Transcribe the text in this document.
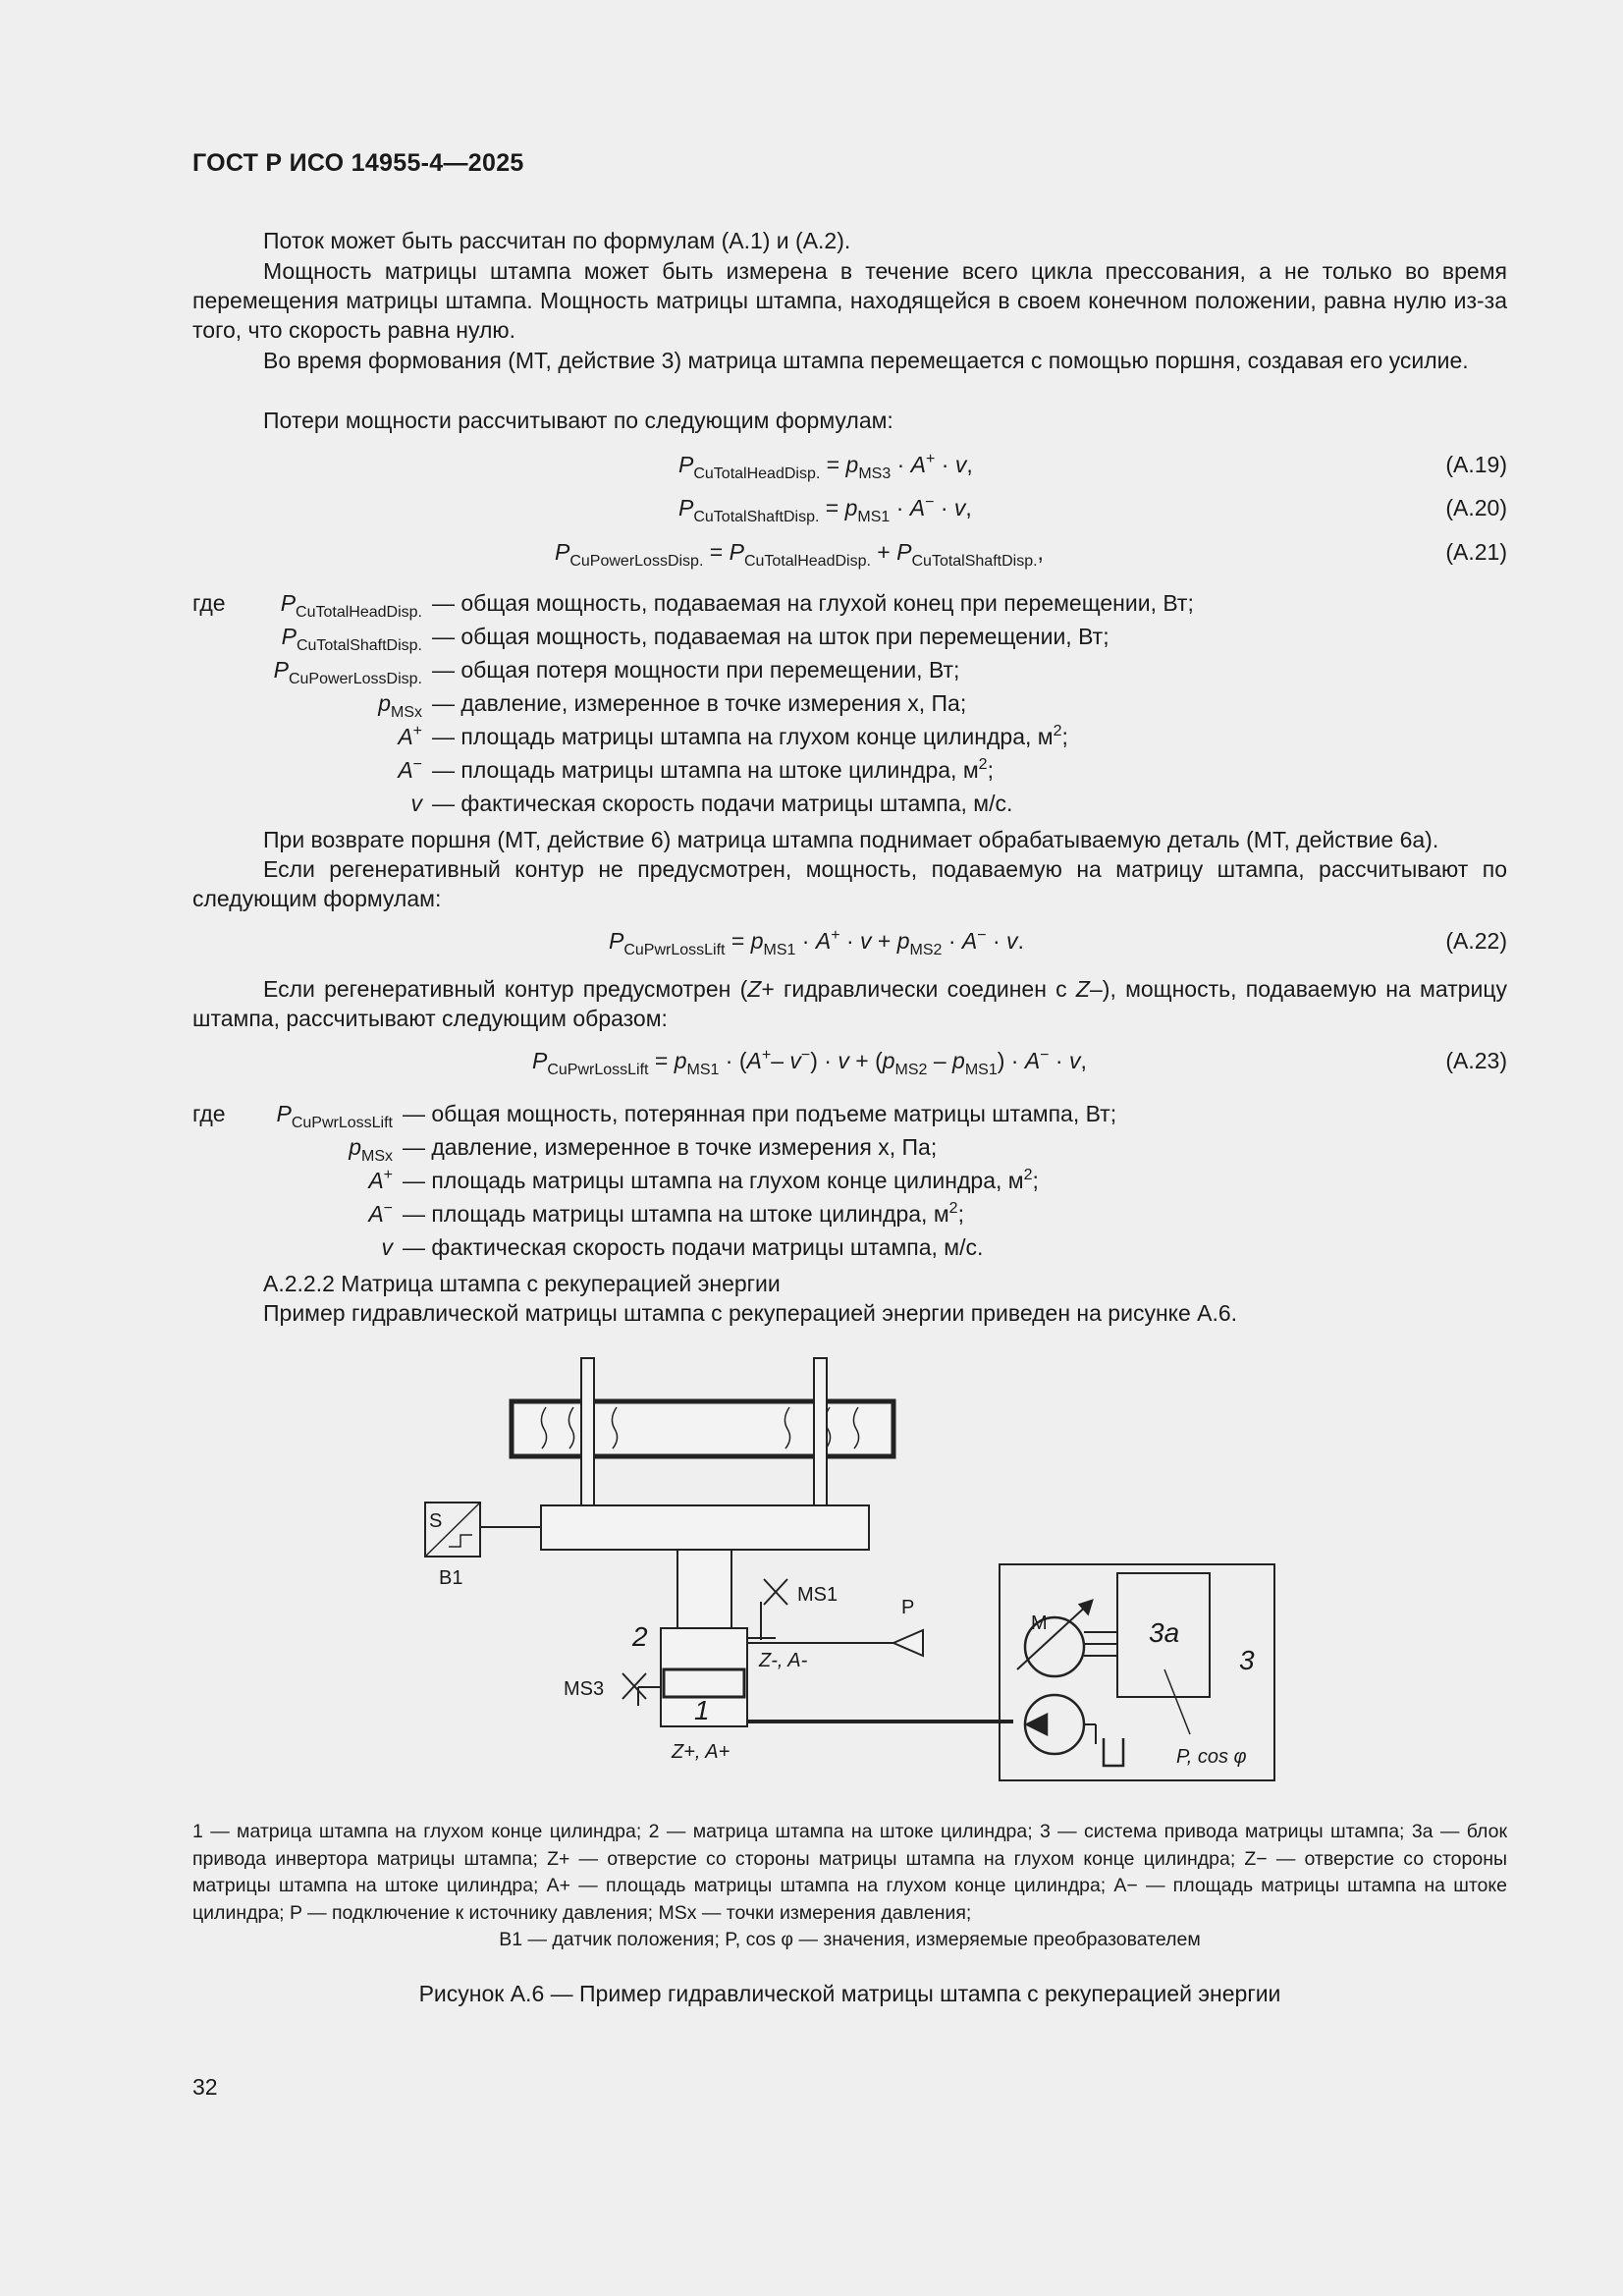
ГОСТ Р ИСО 14955-4—2025
Поток может быть рассчитан по формулам (А.1) и (А.2).
Мощность матрицы штампа может быть измерена в течение всего цикла прессования, а не только во время перемещения матрицы штампа. Мощность матрицы штампа, находящейся в своем конечном положении, равна нулю из-за того, что скорость равна нулю.
Во время формования (МТ, действие 3) матрица штампа перемещается с помощью поршня, создавая его усилие.
Потери мощности рассчитывают по следующим формулам:
$P_{CuTotalHeadDisp.} = p_{MS3} \cdot A^+ \cdot v$,	(A.19)
$P_{CuTotalShaftDisp.} = p_{MS1} \cdot A^- \cdot v$,	(A.20)
$P_{CuPowerLossDisp.} = P_{CuTotalHeadDisp.} + P_{CuTotalShaftDisp.}$,	(A.21)
где $P_{CuTotalHeadDisp.}$ — общая мощность, подаваемая на глухой конец при перемещении, Вт;
$P_{CuTotalShaftDisp.}$ — общая мощность, подаваемая на шток при перемещении, Вт;
$P_{CuPowerLossDisp.}$ — общая потеря мощности при перемещении, Вт;
$p_{MSx}$ — давление, измеренное в точке измерения x, Па;
A+ — площадь матрицы штампа на глухом конце цилиндра, $м^2$;
A− — площадь матрицы штампа на штоке цилиндра, $м^2$;
v — фактическая скорость подачи матрицы штампа, м/с.
При возврате поршня (МТ, действие 6) матрица штампа поднимает обрабатываемую деталь (МТ, действие 6а).
Если регенеративный контур не предусмотрен, мощность, подаваемую на матрицу штампа, рассчитывают по следующим формулам:
$P_{CuPwrLossLift} = p_{MS1} \cdot A^+ \cdot v + p_{MS2} \cdot A^- \cdot v$.	(A.22)
Если регенеративный контур предусмотрен (Z+ гидравлически соединен с Z–), мощность, подаваемую на матрицу штампа, рассчитывают следующим образом:
$P_{CuPwrLossLift} = p_{MS1} \cdot (A^+-$ $v^-) \cdot v + (p_{MS2} - p_{MS1}) \cdot A^- \cdot v$,	(A.23)
где $P_{CuPwrLossLift}$ — общая мощность, потерянная при подъеме матрицы штампа, Вт;
$p_{MSx}$ — давление, измеренное в точке измерения x, Па;
A+ — площадь матрицы штампа на глухом конце цилиндра, $м^2$;
A− — площадь матрицы штампа на штоке цилиндра, $м^2$;
v — фактическая скорость подачи матрицы штампа, м/с.
А.2.2.2 Матрица штампа с рекуперацией энергии
Пример гидравлической матрицы штампа с рекуперацией энергии приведен на рисунке А.6.
S
B1
2
1
MS1
MS3
P
Z-, A-
Z+, A+
M	3а
3
P, cos φ
1 — матрица штампа на глухом конце цилиндра; 2 — матрица штампа на штоке цилиндра; 3 — система привода матрицы штампа; 3а — блок привода инвертора матрицы штампа; Z+ — отверстие со стороны матрицы штампа на глухом конце цилиндра; Z− — отверстие со стороны матрицы штампа на штоке цилиндра; A+ — площадь матрицы штампа на глухом конце цилиндра; A− — площадь матрицы штампа на штоке цилиндра; P — подключение к источнику давления; MSx — точки измерения давления;
B1 — датчик положения; P, cos φ — значения, измеряемые преобразователем
Рисунок А.6 — Пример гидравлической матрицы штампа с рекуперацией энергии
32
